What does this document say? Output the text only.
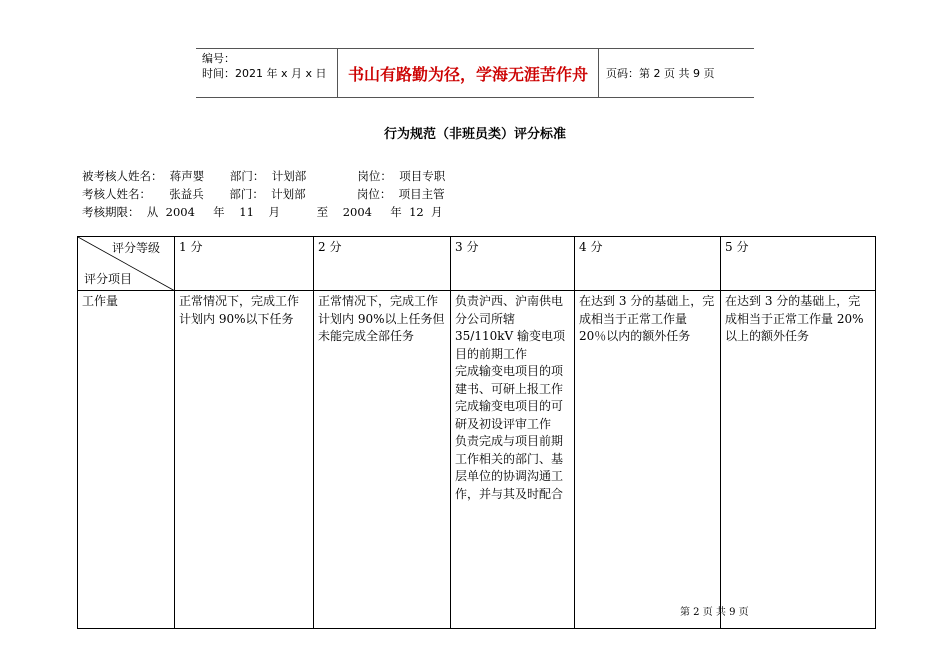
编号：
时间：2021 年 x 月 x 日	书山有路勤为径，学海无涯苦作舟	页码：第 2 页 共 9 页
行为规范（非班员类）评分标准
被考核人姓名：  蒋声婴       部门：  计划部              岗位：  项目专职
考核人姓名：     张益兵       部门：  计划部              岗位：  项目主管
考核期限：  从  2004     年    11    月          至    2004     年  12  月
评分等级
评分项目	1 分	2 分	3 分	4 分	5 分
工作量	正常情况下，完成工作计划内 90%以下任务	正常情况下，完成工作计划内 90%以上任务但未能完成全部任务	负责沪西、沪南供电分公司所辖 35/110kV 输变电项目的前期工作
完成输变电项目的项建书、可研上报工作
完成输变电项目的可研及初设评审工作
负责完成与项目前期工作相关的部门、基层单位的协调沟通工作，并与其及时配合	在达到 3 分的基础上，完成相当于正常工作量 20％以内的额外任务	在达到 3 分的基础上，完成相当于正常工作量 20%以上的额外任务
第 2 页 共 9 页
